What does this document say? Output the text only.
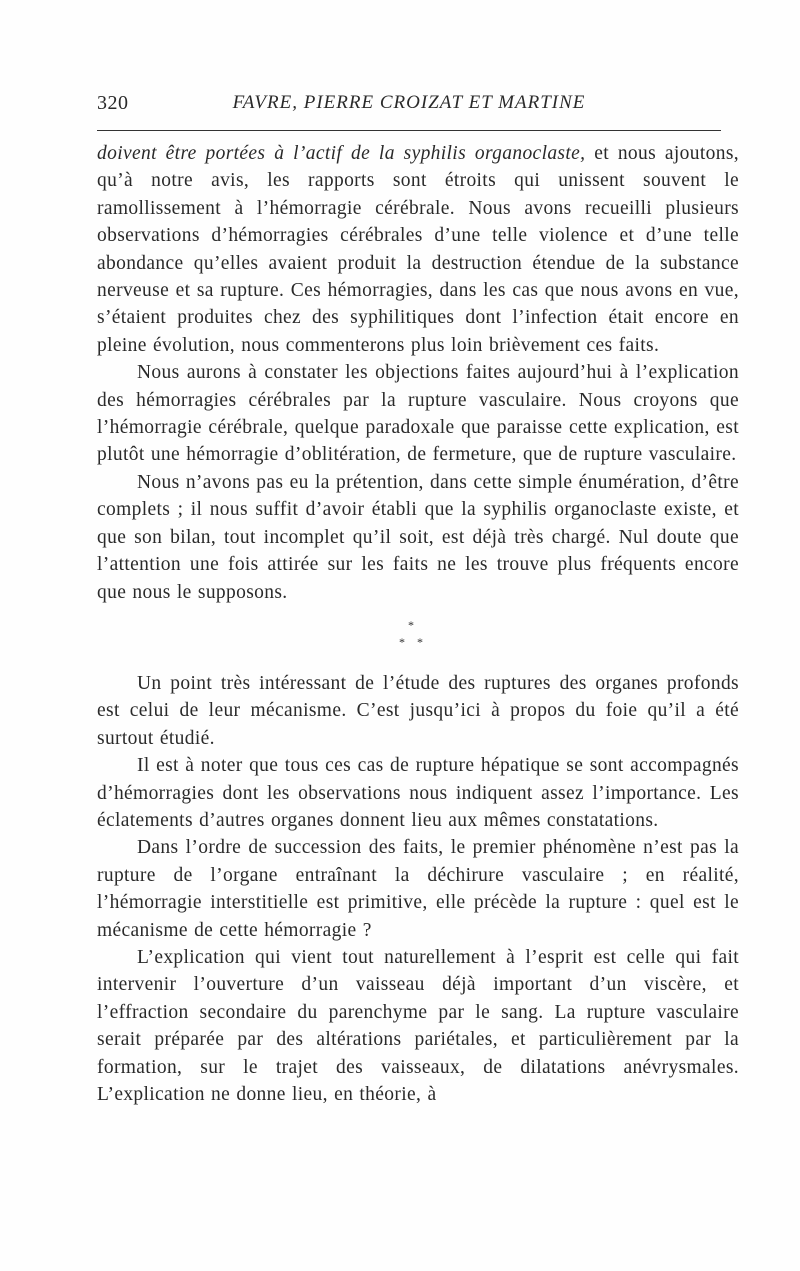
320	FAVRE, PIERRE CROIZAT ET MARTINE

doivent être portées à l’actif de la syphilis organoclaste, et nous ajoutons, qu’à notre avis, les rapports sont étroits qui unissent souvent le ramollissement à l’hémorragie cérébrale. Nous avons recueilli plusieurs observations d’hémorragies cérébrales d’une telle violence et d’une telle abondance qu’elles avaient produit la destruction étendue de la substance nerveuse et sa rupture. Ces hémorragies, dans les cas que nous avons en vue, s’étaient produites chez des syphilitiques dont l’infection était encore en pleine évolution, nous commenterons plus loin brièvement ces faits.

Nous aurons à constater les objections faites aujourd’hui à l’explication des hémorragies cérébrales par la rupture vasculaire. Nous croyons que l’hémorragie cérébrale, quelque paradoxale que paraisse cette explication, est plutôt une hémorragie d’oblitération, de fermeture, que de rupture vasculaire.

Nous n’avons pas eu la prétention, dans cette simple énumération, d’être complets ; il nous suffit d’avoir établi que la syphilis organoclaste existe, et que son bilan, tout incomplet qu’il soit, est déjà très chargé. Nul doute que l’attention une fois attirée sur les faits ne les trouve plus fréquents encore que nous le supposons.

*
* *

Un point très intéressant de l’étude des ruptures des organes profonds est celui de leur mécanisme. C’est jusqu’ici à propos du foie qu’il a été surtout étudié.

Il est à noter que tous ces cas de rupture hépatique se sont accompagnés d’hémorragies dont les observations nous indiquent assez l’importance. Les éclatements d’autres organes donnent lieu aux mêmes constatations.

Dans l’ordre de succession des faits, le premier phénomène n’est pas la rupture de l’organe entraînant la déchirure vasculaire ; en réalité, l’hémorragie interstitielle est primitive, elle précède la rupture : quel est le mécanisme de cette hémorragie ?

L’explication qui vient tout naturellement à l’esprit est celle qui fait intervenir l’ouverture d’un vaisseau déjà important d’un viscère, et l’effraction secondaire du parenchyme par le sang. La rupture vasculaire serait préparée par des altérations pariétales, et particulièrement par la formation, sur le trajet des vaisseaux, de dilatations anévrysmales. L’explication ne donne lieu, en théorie, à
